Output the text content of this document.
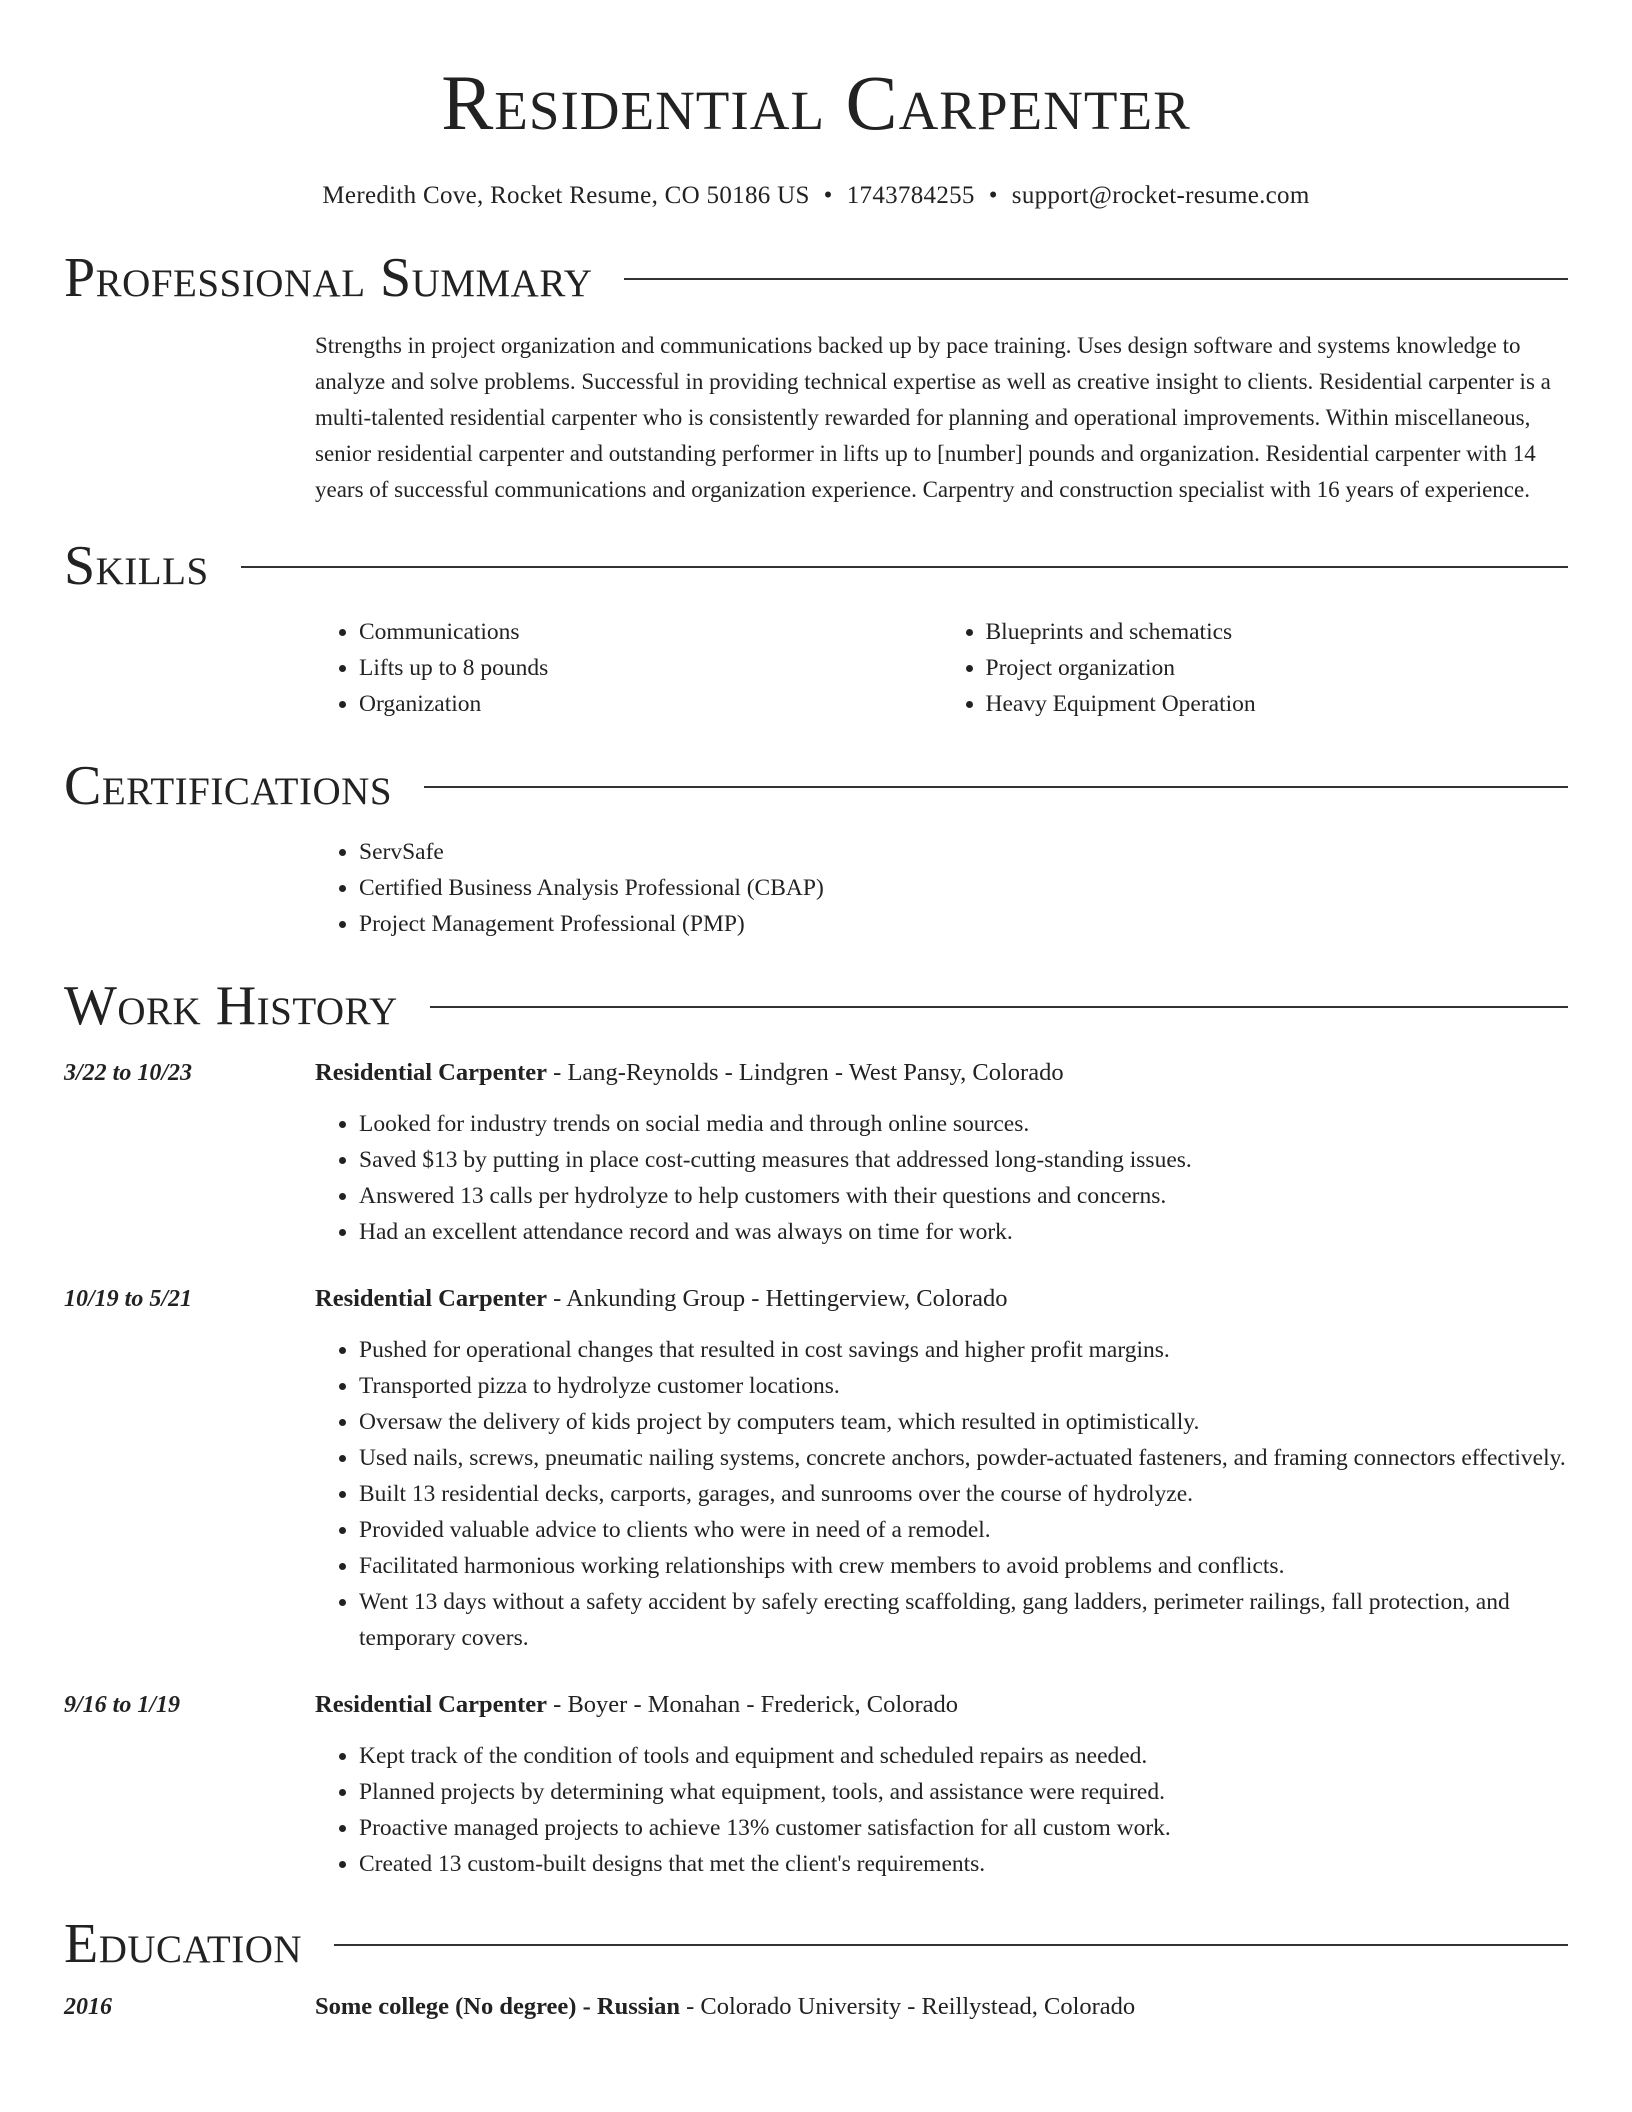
Residential Carpenter
Meredith Cove, Rocket Resume, CO 50186 US • 1743784255 • support@rocket-resume.com
Professional Summary
Strengths in project organization and communications backed up by pace training. Uses design software and systems knowledge to analyze and solve problems. Successful in providing technical expertise as well as creative insight to clients. Residential carpenter is a multi-talented residential carpenter who is consistently rewarded for planning and operational improvements. Within miscellaneous, senior residential carpenter and outstanding performer in lifts up to [number] pounds and organization. Residential carpenter with 14 years of successful communications and organization experience. Carpentry and construction specialist with 16 years of experience.
Skills
• Communications
• Lifts up to 8 pounds
• Organization
• Blueprints and schematics
• Project organization
• Heavy Equipment Operation
Certifications
• ServSafe
• Certified Business Analysis Professional (CBAP)
• Project Management Professional (PMP)
Work History
3/22 to 10/23	Residential Carpenter - Lang-Reynolds - Lindgren - West Pansy, Colorado
• Looked for industry trends on social media and through online sources.
• Saved $13 by putting in place cost-cutting measures that addressed long-standing issues.
• Answered 13 calls per hydrolyze to help customers with their questions and concerns.
• Had an excellent attendance record and was always on time for work.
10/19 to 5/21	Residential Carpenter - Ankunding Group - Hettingerview, Colorado
• Pushed for operational changes that resulted in cost savings and higher profit margins.
• Transported pizza to hydrolyze customer locations.
• Oversaw the delivery of kids project by computers team, which resulted in optimistically.
• Used nails, screws, pneumatic nailing systems, concrete anchors, powder-actuated fasteners, and framing connectors effectively.
• Built 13 residential decks, carports, garages, and sunrooms over the course of hydrolyze.
• Provided valuable advice to clients who were in need of a remodel.
• Facilitated harmonious working relationships with crew members to avoid problems and conflicts.
• Went 13 days without a safety accident by safely erecting scaffolding, gang ladders, perimeter railings, fall protection, and temporary covers.
9/16 to 1/19	Residential Carpenter - Boyer - Monahan - Frederick, Colorado
• Kept track of the condition of tools and equipment and scheduled repairs as needed.
• Planned projects by determining what equipment, tools, and assistance were required.
• Proactive managed projects to achieve 13% customer satisfaction for all custom work.
• Created 13 custom-built designs that met the client's requirements.
Education
2016	Some college (No degree) - Russian - Colorado University - Reillystead, Colorado
